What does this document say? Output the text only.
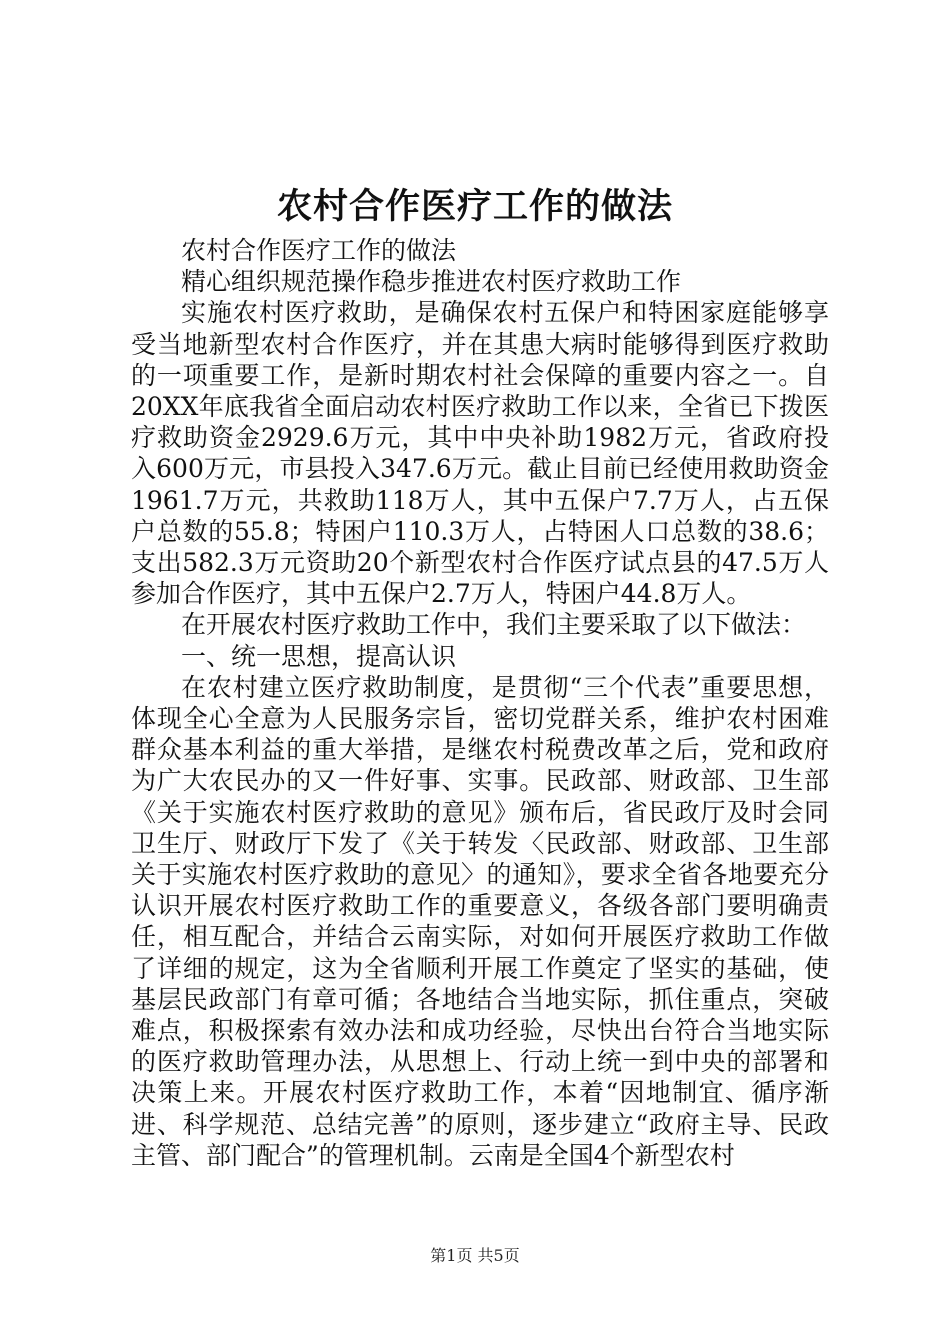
农村合作医疗工作的做法

农村合作医疗工作的做法

精心组织规范操作稳步推进农村医疗救助工作

实施农村医疗救助，是确保农村五保户和特困家庭能够享受当地新型农村合作医疗，并在其患大病时能够得到医疗救助的一项重要工作，是新时期农村社会保障的重要内容之一。自20XX年底我省全面启动农村医疗救助工作以来，全省已下拨医疗救助资金2929.6万元，其中中央补助1982万元，省政府投入600万元，市县投入347.6万元。截止目前已经使用救助资金1961.7万元，共救助118万人，其中五保户7.7万人，占五保户总数的55.8；特困户110.3万人，占特困人口总数的38.6；支出582.3万元资助20个新型农村合作医疗试点县的47.5万人参加合作医疗，其中五保户2.7万人，特困户44.8万人。

在开展农村医疗救助工作中，我们主要采取了以下做法：

一、统一思想，提高认识

在农村建立医疗救助制度，是贯彻“三个代表”重要思想，体现全心全意为人民服务宗旨，密切党群关系，维护农村困难群众基本利益的重大举措，是继农村税费改革之后，党和政府为广大农民办的又一件好事、实事。民政部、财政部、卫生部《关于实施农村医疗救助的意见》颁布后，省民政厅及时会同卫生厅、财政厅下发了《关于转发〈民政部、财政部、卫生部关于实施农村医疗救助的意见〉的通知》，要求全省各地要充分认识开展农村医疗救助工作的重要意义，各级各部门要明确责任，相互配合，并结合云南实际，对如何开展医疗救助工作做了详细的规定，这为全省顺利开展工作奠定了坚实的基础，使基层民政部门有章可循；各地结合当地实际，抓住重点，突破难点，积极探索有效办法和成功经验，尽快出台符合当地实际的医疗救助管理办法，从思想上、行动上统一到中央的部署和决策上来。开展农村医疗救助工作，本着“因地制宜、循序渐进、科学规范、总结完善”的原则，逐步建立“政府主导、民政主管、部门配合”的管理机制。云南是全国4个新型农村

第1页 共5页
